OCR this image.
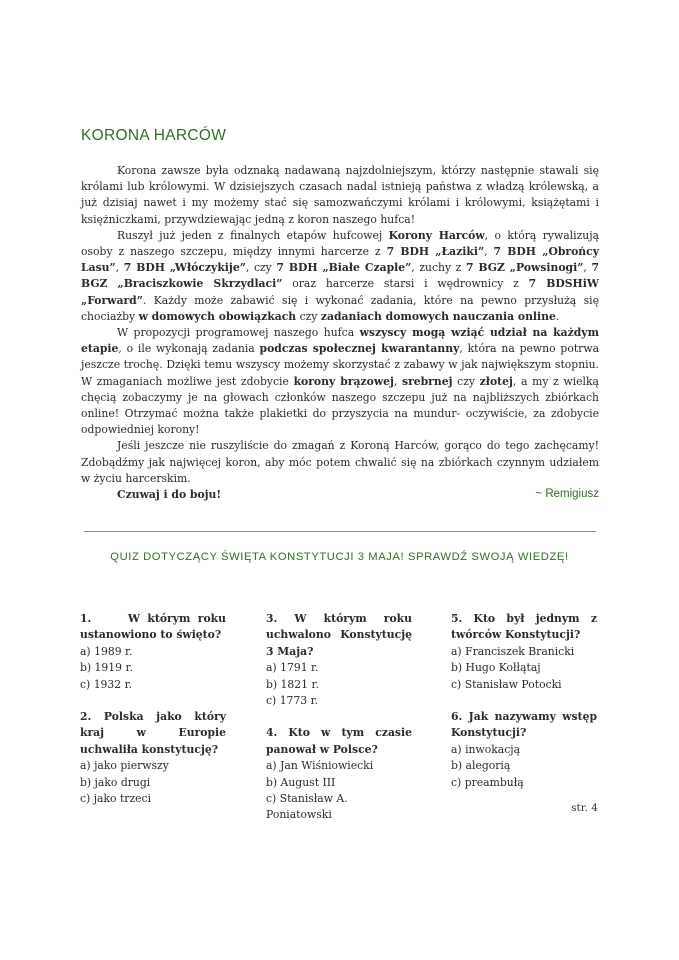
KORONA HARCÓW

Korona zawsze była odznaką nadawaną najzdolniejszym, którzy następnie stawali się królami lub królowymi. W dzisiejszych czasach nadal istnieją państwa z władzą królewską, a już dzisiaj nawet i my możemy stać się samozwańczymi królami i królowymi, książętami i księżniczkami, przywdziewając jedną z koron naszego hufca!

Ruszył już jeden z finalnych etapów hufcowej Korony Harców, o którą rywalizują osoby z naszego szczepu, między innymi harcerze z 7 BDH „Łaziki”, 7 BDH „Obrońcy Lasu”, 7 BDH „Włóczykije”, czy 7 BDH „Białe Czaple”, zuchy z 7 BGZ „Powsinogi”, 7 BGZ „Braciszkowie Skrzydlaci” oraz harcerze starsi i wędrownicy z 7 BDSHiW „Forward”. Każdy może zabawić się i wykonać zadania, które na pewno przysłużą się chociażby w domowych obowiązkach czy zadaniach domowych nauczania online.

W propozycji programowej naszego hufca wszyscy mogą wziąć udział na każdym etapie, o ile wykonają zadania podczas społecznej kwarantanny, która na pewno potrwa jeszcze trochę. Dzięki temu wszyscy możemy skorzystać z zabawy w jak największym stopniu. W zmaganiach możliwe jest zdobycie korony brązowej, srebrnej czy złotej, a my z wielką chęcią zobaczymy je na głowach członków naszego szczepu już na najbliższych zbiórkach online! Otrzymać można także plakietki do przyszycia na mundur- oczywiście, za zdobycie odpowiedniej korony!

Jeśli jeszcze nie ruszyliście do zmagań z Koroną Harców, gorąco do tego zachęcamy! Zdobądźmy jak najwięcej koron, aby móc potem chwalić się na zbiórkach czynnym udziałem w życiu harcerskim.

Czuwaj i do boju!	~ Remigiusz
QUIZ DOTYCZĄCY ŚWIĘTA KONSTYTUCJI 3 MAJA! SPRAWDŹ SWOJĄ WIEDZĘ!
1.     W którym roku ustanowiono to święto?
a) 1989 r.
b) 1919 r.
c) 1932 r.
2. Polska jako który kraj w Europie uchwaliła konstytucję?
a) jako pierwszy
b) jako drugi
c) jako trzeci
3. W którym roku uchwalono Konstytucję 3 Maja?
a) 1791 r.
b) 1821 r.
c) 1773 r.
4. Kto w tym czasie panował w Polsce?
a) Jan Wiśniowiecki
b) August III
c) Stanisław A. Poniatowski
5. Kto był jednym z twórców Konstytucji?
a) Franciszek Branicki
b) Hugo Kołłątaj
c) Stanisław Potocki
6. Jak nazywamy wstęp Konstytucji?
a) inwokacją
b) alegorią
c) preambułą
str. 4
